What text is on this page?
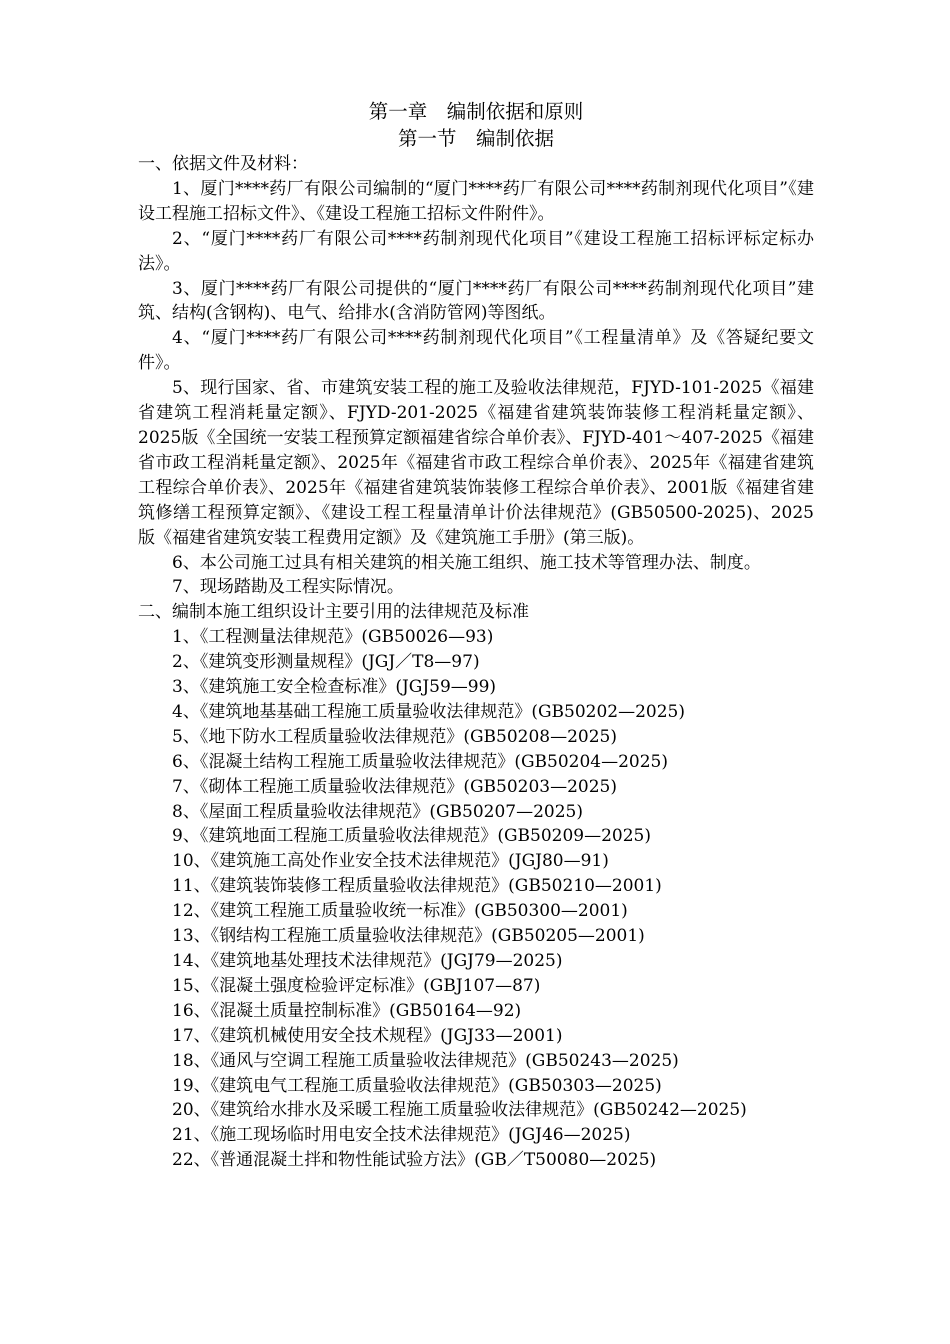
第一章　编制依据和原则
第一节　编制依据

一、依据文件及材料：

1、厦门****药厂有限公司编制的“厦门****药厂有限公司****药制剂现代化项目”《建设工程施工招标文件》、《建设工程施工招标文件附件》。

2、“厦门****药厂有限公司****药制剂现代化项目”《建设工程施工招标评标定标办法》。

3、厦门****药厂有限公司提供的“厦门****药厂有限公司****药制剂现代化项目”建筑、结构(含钢构)、电气、给排水(含消防管网)等图纸。

4、“厦门****药厂有限公司****药制剂现代化项目”《工程量清单》及《答疑纪要文件》。

5、现行国家、省、市建筑安装工程的施工及验收法律规范，FJYD-101-2025《福建省建筑工程消耗量定额》、FJYD-201-2025《福建省建筑装饰装修工程消耗量定额》、2025版《全国统一安装工程预算定额福建省综合单价表》、FJYD-401～407-2025《福建省市政工程消耗量定额》、2025年《福建省市政工程综合单价表》、2025年《福建省建筑工程综合单价表》、2025年《福建省建筑装饰装修工程综合单价表》、2001版《福建省建筑修缮工程预算定额》、《建设工程工程量清单计价法律规范》(GB50500-2025)、2025版《福建省建筑安装工程费用定额》及《建筑施工手册》(第三版)。

6、本公司施工过具有相关建筑的相关施工组织、施工技术等管理办法、制度。

7、现场踏勘及工程实际情况。

二、编制本施工组织设计主要引用的法律规范及标准

1、《工程测量法律规范》(GB50026—93)
2、《建筑变形测量规程》(JGJ／T8—97)
3、《建筑施工安全检查标准》(JGJ59—99)
4、《建筑地基基础工程施工质量验收法律规范》(GB50202—2025)
5、《地下防水工程质量验收法律规范》(GB50208—2025)
6、《混凝土结构工程施工质量验收法律规范》(GB50204—2025)
7、《砌体工程施工质量验收法律规范》(GB50203—2025)
8、《屋面工程质量验收法律规范》(GB50207—2025)
9、《建筑地面工程施工质量验收法律规范》(GB50209—2025)
10、《建筑施工高处作业安全技术法律规范》(JGJ80—91)
11、《建筑装饰装修工程质量验收法律规范》(GB50210—2001)
12、《建筑工程施工质量验收统一标准》(GB50300—2001)
13、《钢结构工程施工质量验收法律规范》(GB50205—2001)
14、《建筑地基处理技术法律规范》(JGJ79—2025)
15、《混凝土强度检验评定标准》(GBJ107—87)
16、《混凝土质量控制标准》(GB50164—92)
17、《建筑机械使用安全技术规程》(JGJ33—2001)
18、《通风与空调工程施工质量验收法律规范》(GB50243—2025)
19、《建筑电气工程施工质量验收法律规范》(GB50303—2025)
20、《建筑给水排水及采暖工程施工质量验收法律规范》(GB50242—2025)
21、《施工现场临时用电安全技术法律规范》(JGJ46—2025)
22、《普通混凝土拌和物性能试验方法》(GB／T50080—2025)
